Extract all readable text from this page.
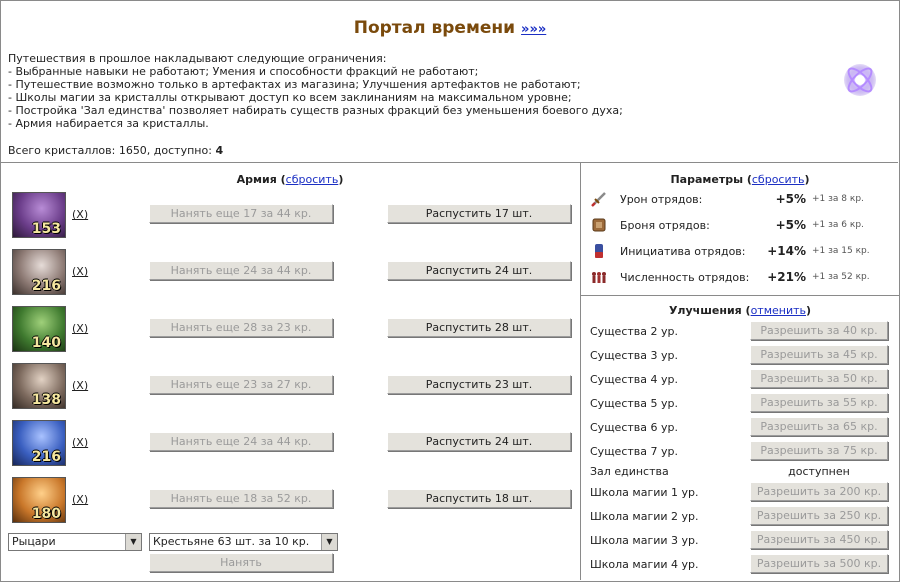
Портал времени »»»
Путешествия в прошлое накладывают следующие ограничения:
- Выбранные навыки не работают; Умения и способности фракций не работают;
- Путешествие возможно только в артефактах из магазина; Улучшения артефактов не работают;
- Школы магии за кристаллы открывают доступ ко всем заклинаниям на максимальном уровне;
- Постройка 'Зал единства' позволяет набирать существ разных фракций без уменьшения боевого духа;
- Армия набирается за кристаллы.
Всего кристаллов: 1650, доступно: 4
Армия (сбросить)
153
(X)	Нанять еще 17 за 44 кр.	Распустить 17 шт.
216
(X)	Нанять еще 24 за 44 кр.	Распустить 24 шт.
140
(X)	Нанять еще 28 за 23 кр.	Распустить 28 шт.
138
(X)	Нанять еще 23 за 27 кр.	Распустить 23 шт.
216
(X)	Нанять еще 24 за 44 кр.	Распустить 24 шт.
180
(X)	Нанять еще 18 за 52 кр.	Распустить 18 шт.
Рыцари	▼	Крестьяне 63 шт. за 10 кр.	▼
Нанять
Параметры (сбросить)
Урон отрядов:	+5% +1 за 8 кр.
Броня отрядов:	+5% +1 за 6 кр.
Инициатива отрядов:	+14% +1 за 15 кр.
Численность отрядов:	+21% +1 за 52 кр.
Улучшения (отменить)
Существа 2 ур.	Разрешить за 40 кр.
Существа 3 ур.	Разрешить за 45 кр.
Существа 4 ур.	Разрешить за 50 кр.
Существа 5 ур.	Разрешить за 55 кр.
Существа 6 ур.	Разрешить за 65 кр.
Существа 7 ур.	Разрешить за 75 кр.
Зал единства	доступнен
Школа магии 1 ур.	Разрешить за 200 кр.
Школа магии 2 ур.	Разрешить за 250 кр.
Школа магии 3 ур.	Разрешить за 450 кр.
Школа магии 4 ур.	Разрешить за 500 кр.
